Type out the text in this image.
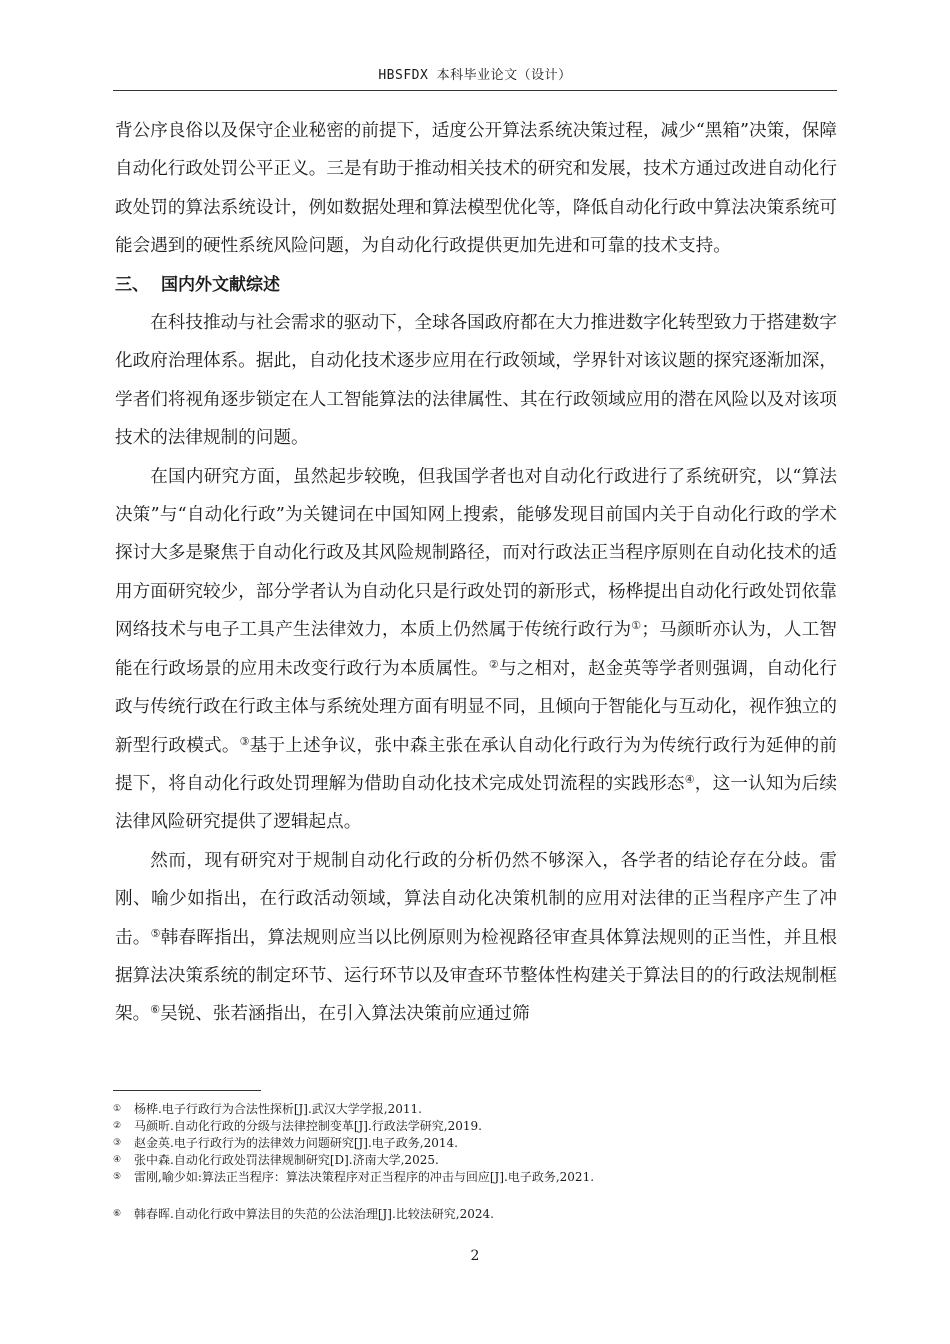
HBSFDX 本科毕业论文（设计）

背公序良俗以及保守企业秘密的前提下，适度公开算法系统决策过程，减少“黑箱”决策，保障自动化行政处罚公平正义。三是有助于推动相关技术的研究和发展，技术方通过改进自动化行政处罚的算法系统设计，例如数据处理和算法模型优化等，降低自动化行政中算法决策系统可能会遇到的硬性系统风险问题，为自动化行政提供更加先进和可靠的技术支持。

三、 国内外文献综述

在科技推动与社会需求的驱动下，全球各国政府都在大力推进数字化转型致力于搭建数字化政府治理体系。据此，自动化技术逐步应用在行政领域，学界针对该议题的探究逐渐加深，学者们将视角逐步锁定在人工智能算法的法律属性、其在行政领域应用的潜在风险以及对该项技术的法律规制的问题。

在国内研究方面，虽然起步较晚，但我国学者也对自动化行政进行了系统研究，以“算法决策”与“自动化行政”为关键词在中国知网上搜索，能够发现目前国内关于自动化行政的学术探讨大多是聚焦于自动化行政及其风险规制路径，而对行政法正当程序原则在自动化技术的适用方面研究较少，部分学者认为自动化只是行政处罚的新形式，杨桦提出自动化行政处罚依靠网络技术与电子工具产生法律效力，本质上仍然属于传统行政行为①；马颜昕亦认为，人工智能在行政场景的应用未改变行政行为本质属性。②与之相对，赵金英等学者则强调，自动化行政与传统行政在行政主体与系统处理方面有明显不同，且倾向于智能化与互动化，视作独立的新型行政模式。③基于上述争议，张中森主张在承认自动化行政行为为传统行政行为延伸的前提下，将自动化行政处罚理解为借助自动化技术完成处罚流程的实践形态④，这一认知为后续法律风险研究提供了逻辑起点。

然而，现有研究对于规制自动化行政的分析仍然不够深入，各学者的结论存在分歧。雷刚、喻少如指出，在行政活动领域，算法自动化决策机制的应用对法律的正当程序产生了冲击。⑤韩春晖指出，算法规则应当以比例原则为检视路径审查具体算法规则的正当性，并且根据算法决策系统的制定环节、运行环节以及审查环节整体性构建关于算法目的的行政法规制框架。⑥吴锐、张若涵指出，在引入算法决策前应通过筛

① 杨桦.电子行政行为合法性探析[J].武汉大学学报,2011.
② 马颜昕.自动化行政的分级与法律控制变革[J].行政法学研究,2019.
③ 赵金英.电子行政行为的法律效力问题研究[J].电子政务,2014.
④ 张中森.自动化行政处罚法律规制研究[D].济南大学,2025.
⑤ 雷刚,喻少如:算法正当程序：算法决策程序对正当程序的冲击与回应[J].电子政务,2021.
⑥ 韩春晖.自动化行政中算法目的失范的公法治理[J].比较法研究,2024.
2
